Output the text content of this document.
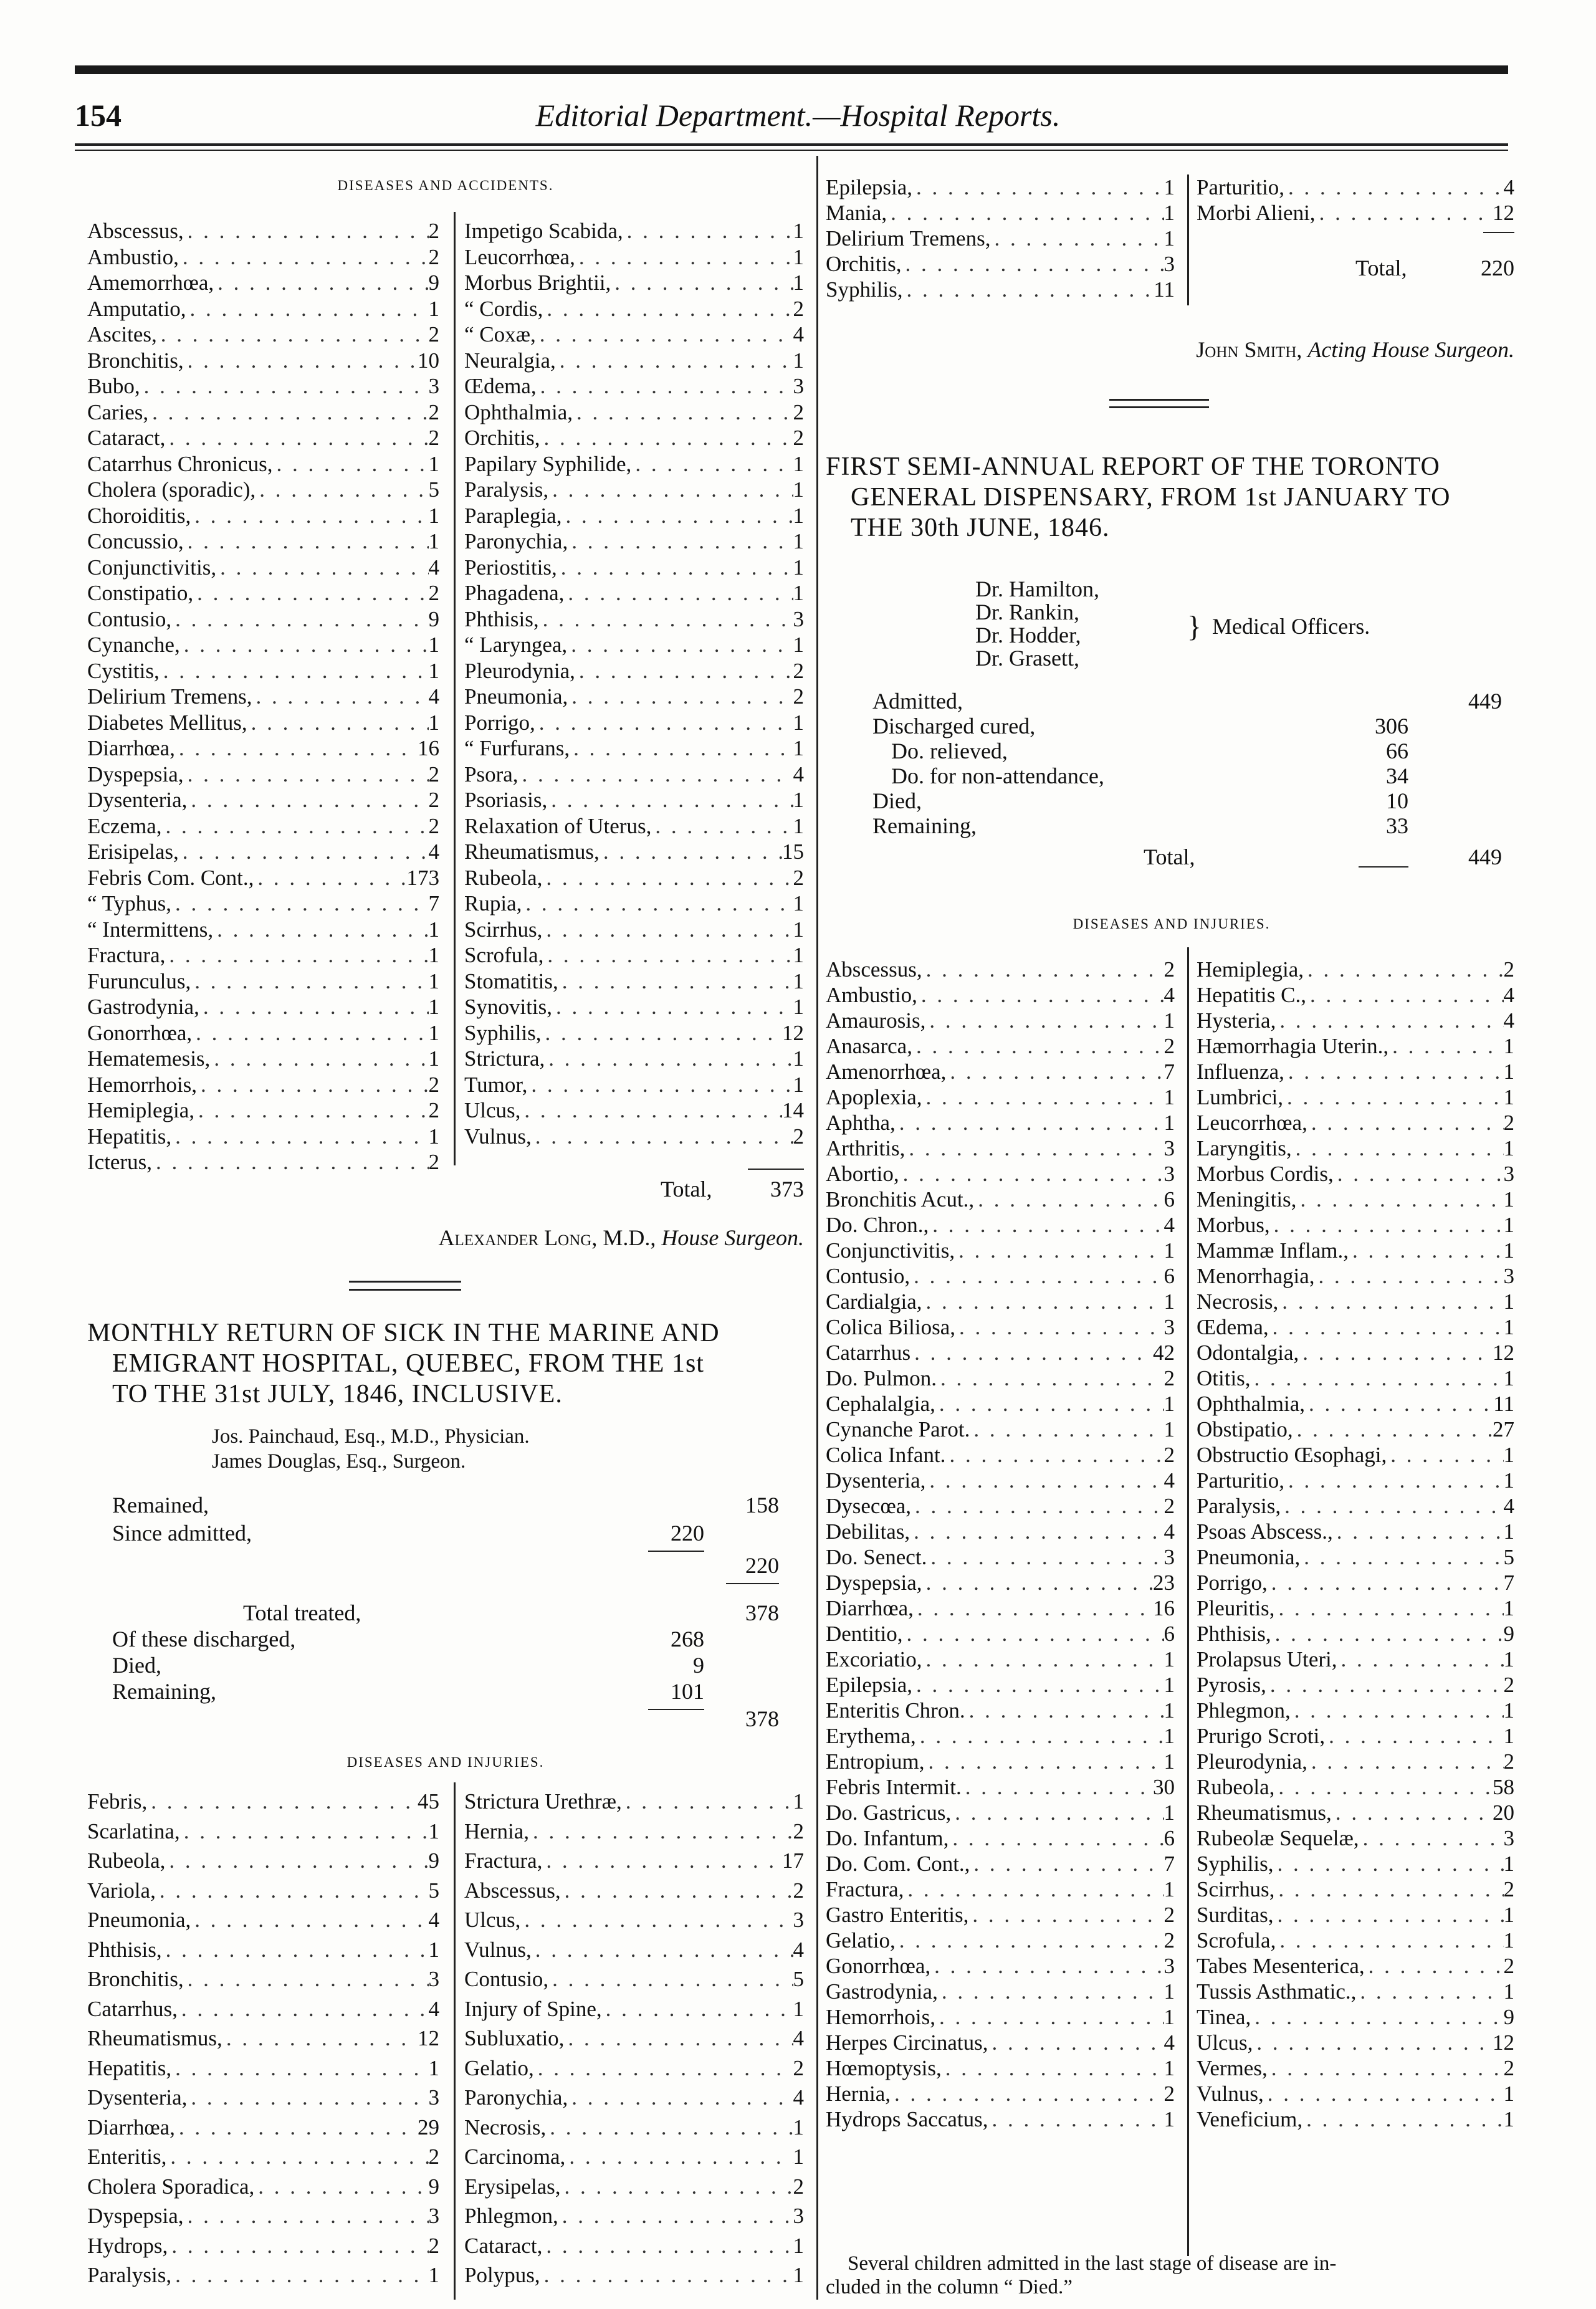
154	Editorial Department.—Hospital Reports.
DISEASES AND ACCIDENTS.
Abscessus, . . .	2
Ambustio, . . .	2
Amemorrhœa, . . .	9
Amputatio, . . .	1
Ascites, . . .	2
Bronchitis, . . .	10
Bubo, . . .	3
Caries, . . .	2
Cataract, . . .	2
Catarrhus Chronicus, . . .	1
Cholera (sporadic), . . .	5
Choroiditis, . . .	1
Concussio, . . .	1
Conjunctivitis, . . .	4
Constipatio, . . .	2
Contusio, . . .	9
Cynanche, . . .	1
Cystitis, . . .	1
Delirium Tremens, . . .	4
Diabetes Mellitus, . . .	1
Diarrhœa, . . .	16
Dyspepsia, . . .	2
Dysenteria, . . .	2
Eczema, . . .	2
Erisipelas, . . .	4
Febris Com. Cont., . . .	173
“ Typhus, . . .	7
“ Intermittens, . . .	1
Fractura, . . .	1
Furunculus, . . .	1
Gastrodynia, . . .	1
Gonorrhœa, . . .	1
Hematemesis, . . .	1
Hemorrhois, . . .	2
Hemiplegia, . . .	2
Hepatitis, . . .	1
Icterus, . . .	2
Impetigo Scabida, . . .	1
Leucorrhœa, . . .	1
Morbus Brightii, . . .	1
“ Cordis, . . .	2
“ Coxæ, . . .	4
Neuralgia, . . .	1
Œdema, . . .	3
Ophthalmia, . . .	2
Orchitis, . . .	2
Papilary Syphilide, . . .	1
Paralysis, . . .	1
Paraplegia, . . .	1
Paronychia, . . .	1
Periostitis, . . .	1
Phagadena, . . .	1
Phthisis, . . .	3
“ Laryngea, . . .	1
Pleurodynia, . . .	2
Pneumonia, . . .	2
Porrigo, . . .	1
“ Furfurans, . . .	1
Psora, . . .	4
Psoriasis, . . .	1
Relaxation of Uterus, . . .	1
Rheumatismus, . . .	15
Rubeola, . . .	2
Rupia, . . .	1
Scirrhus, . . .	1
Scrofula, . . .	1
Stomatitis, . . .	1
Synovitis, . . .	1
Syphilis, . . .	12
Strictura, . . .	1
Tumor, . . .	1
Ulcus, . . .	14
Vulnus, . . .	2
Total,	373
Alexander Long, M.D., House Surgeon.
MONTHLY RETURN OF SICK IN THE MARINE AND
EMIGRANT HOSPITAL, QUEBEC, FROM THE 1st
TO THE 31st JULY, 1846, INCLUSIVE.
Jos. Painchaud, Esq., M.D., Physician.
James Douglas, Esq., Surgeon.
Remained,	158
Since admitted,	220
220
Total treated,	378
Of these discharged,	268
Died,	9
Remaining,	101
378
DISEASES AND INJURIES.
Febris, . . .	45
Scarlatina, . . .	1
Rubeola, . . .	9
Variola, . . .	5
Pneumonia, . . .	4
Phthisis, . . .	1
Bronchitis, . . .	3
Catarrhus, . . .	4
Rheumatismus, . . .	12
Hepatitis, . . .	1
Dysenteria, . . .	3
Diarrhœa, . . .	29
Enteritis, . . .	2
Cholera Sporadica, . . .	9
Dyspepsia, . . .	3
Hydrops, . . .	2
Paralysis, . . .	1
Strictura Urethræ, . . .	1
Hernia, . . .	2
Fractura, . . .	17
Abscessus, . . .	2
Ulcus, . . .	3
Vulnus, . . .	4
Contusio, . . .	5
Injury of Spine, . . .	1
Subluxatio, . . .	4
Gelatio, . . .	2
Paronychia, . . .	4
Necrosis, . . .	1
Carcinoma, . . .	1
Erysipelas, . . .	2
Phlegmon, . . .	3
Cataract, . . .	1
Polypus, . . .	1
Epilepsia, . . .	1
Mania, . . .	1
Delirium Tremens, . . .	1
Orchitis, . . .	3
Syphilis, . . .	11
Parturitio, . . .	4
Morbi Alieni, . . .	12
Total,	220
John Smith, Acting House Surgeon.
FIRST SEMI-ANNUAL REPORT OF THE TORONTO
GENERAL DISPENSARY, FROM 1st JANUARY TO
THE 30th JUNE, 1846.
Dr. Hamilton,
Dr. Rankin,
Dr. Hodder,
Dr. Grasett,
} Medical Officers.
Admitted,	449
Discharged cured,	306
Do. relieved,	66
Do. for non-attendance,	34
Died,	10
Remaining,	33
Total,	449
DISEASES AND INJURIES.
Abscessus, . . .	2
Ambustio, . . .	4
Amaurosis, . . .	1
Anasarca, . . .	2
Amenorrhœa, . . .	7
Apoplexia, . . .	1
Aphtha, . . .	1
Arthritis, . . .	3
Abortio, . . .	3
Bronchitis Acut., . . .	6
Do. Chron., . . .	4
Conjunctivitis, . . .	1
Contusio, . . .	6
Cardialgia, . . .	1
Colica Biliosa, . . .	3
Catarrhus . . .	42
Do. Pulmon. . . .	2
Cephalalgia, . . .	1
Cynanche Parot. . . .	1
Colica Infant. . . .	2
Dysenteria, . . .	4
Dysecœa, . . .	2
Debilitas, . . .	4
Do. Senect. . . .	3
Dyspepsia, . . .	23
Diarrhœa, . . .	16
Dentitio, . . .	6
Excoriatio, . . .	1
Epilepsia, . . .	1
Enteritis Chron. . . .	1
Erythema, . . .	1
Entropium, . . .	1
Febris Intermit. . . .	30
Do. Gastricus, . . .	1
Do. Infantum, . . .	6
Do. Com. Cont., . . .	7
Fractura, . . .	1
Gastro Enteritis, . . .	2
Gelatio, . . .	2
Gonorrhœa, . . .	3
Gastrodynia, . . .	1
Hemorrhois, . . .	1
Herpes Circinatus, . . .	4
Hœmoptysis, . . .	1
Hernia, . . .	2
Hydrops Saccatus, . . .	1
Hemiplegia, . . .	2
Hepatitis C., . . .	4
Hysteria, . . .	4
Hæmorrhagia Uterin., . . .	1
Influenza, . . .	1
Lumbrici, . . .	1
Leucorrhœa, . . .	2
Laryngitis, . . .	1
Morbus Cordis, . . .	3
Meningitis, . . .	1
Morbus, . . .	1
Mammæ Inflam., . . .	1
Menorrhagia, . . .	3
Necrosis, . . .	1
Œdema, . . .	1
Odontalgia, . . .	12
Otitis, . . .	1
Ophthalmia, . . .	11
Obstipatio, . . .	27
Obstructio Œsophagi, . . .	1
Parturitio, . . .	1
Paralysis, . . .	4
Psoas Abscess., . . .	1
Pneumonia, . . .	5
Porrigo, . . .	7
Pleuritis, . . .	1
Phthisis, . . .	9
Prolapsus Uteri, . . .	1
Pyrosis, . . .	2
Phlegmon, . . .	1
Prurigo Scroti, . . .	1
Pleurodynia, . . .	2
Rubeola, . . .	58
Rheumatismus, . . .	20
Rubeolæ Sequelæ, . . .	3
Syphilis, . . .	1
Scirrhus, . . .	2
Surditas, . . .	1
Scrofula, . . .	1
Tabes Mesenterica, . . .	2
Tussis Asthmatic., . . .	1
Tinea, . . .	9
Ulcus, . . .	12
Vermes, . . .	2
Vulnus, . . .	1
Veneficium, . . .	1
Several children admitted in the last stage of disease are in-
cluded in the column “ Died.”
